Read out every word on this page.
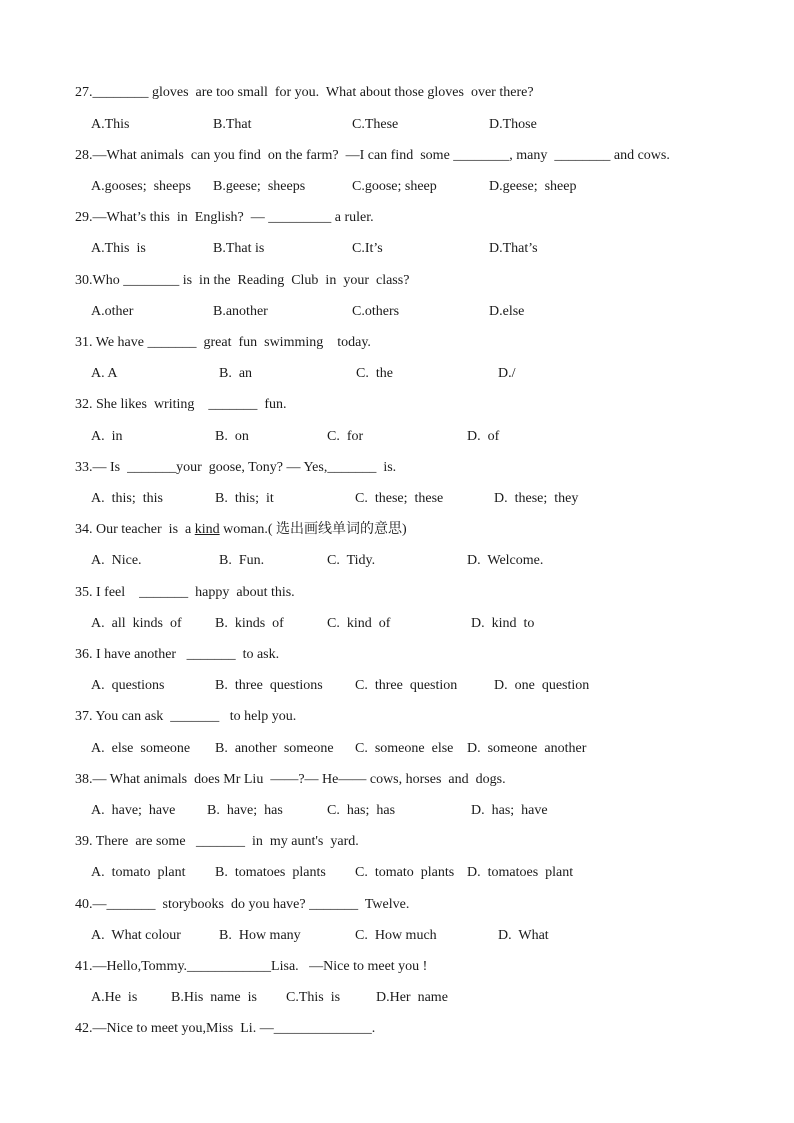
27.________ gloves  are too small  for you.  What about those gloves  over there?
A.This	B.That	C.These	D.Those
28.—What animals  can you find  on the farm?  —I can find  some ________, many  ________ and cows.
A.gooses;  sheeps B.geese;  sheeps	C.goose; sheep	D.geese;  sheep
29.—What’s this  in  English?  — _________ a ruler.
A.This  is	B.That is	C.It’s	D.That’s
30.Who ________ is  in the  Reading  Club  in  your  class?
A.other	B.another	C.others	D.else
31. We have _______  great  fun  swimming    today.
A. A	B.  an	C.  the	D./
32. She likes  writing    _______  fun.
A.  in	B.  on	C.  for	D.  of
33.— Is  _______your  goose, Tony? — Yes,_______  is.
A.  this;  this	B.  this;  it	C.  these;  these	D.  these;  they
34. Our teacher  is  a kind woman.( 选出画线单词的意思)
A.  Nice.	B.  Fun.	C.  Tidy.	D.  Welcome.
35. I feel    _______  happy  about this.
A.  all  kinds  of B.  kinds  of	C.  kind  of	D.  kind  to
36. I have another   _______  to ask.
A.  questions	B.  three  questions C.  three  question	D.  one  question
37. You can ask  _______   to help you.
A.  else  someone B.  another  someone C.  someone  else D.  someone  another
38.— What animals  does Mr Liu  ——?— He—— cows, horses  and  dogs.
A.  have;  have B.  have;  has	C.  has;  has	D.  has;  have
39. There  are some   _______  in  my aunt's  yard.
A.  tomato  plant B.  tomatoes  plants C.  tomato  plants D.  tomatoes  plant
40.—_______  storybooks  do you have? _______  Twelve.
A.  What colour	B.  How many	C.  How much	D.  What
41.—Hello,Tommy.____________Lisa.   —Nice to meet you !
A.He  is B.His  name  is C.This  is	D.Her  name
42.—Nice to meet you,Miss  Li. —______________.
